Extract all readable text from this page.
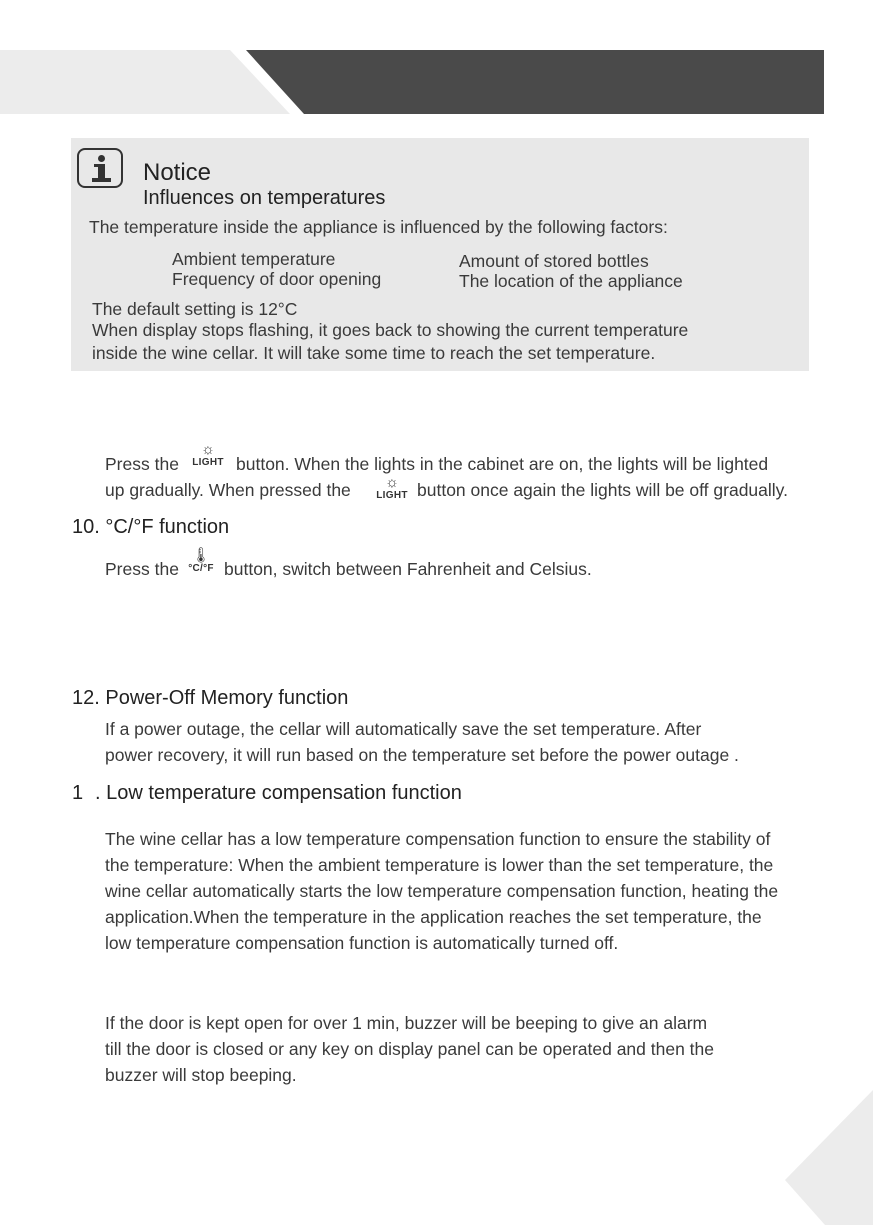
Notice
Influences on temperatures
The temperature inside the appliance is influenced by the following factors:
Ambient temperature
Frequency of door opening
Amount of stored bottles
The location of the appliance
The default setting is 12°C
When display stops flashing, it goes back to showing the current temperature
inside the wine cellar. It will take some time to reach the set temperature.
Press the
☼
LIGHT button. When the lights in the cabinet are on, the lights will be lighted
up gradually. When pressed the	☼
LIGHT button once again the lights will be off gradually.
10. °C/°F function
Press the
🌡
°C/°F button, switch between Fahrenheit and Celsius.
12. Power-Off Memory function
If a power outage, the cellar will automatically save the set temperature. After
power recovery, it will run based on the temperature set before the power outage .
1 . Low temperature compensation function
The wine cellar has a low temperature compensation function to ensure the stability of
the temperature: When the ambient temperature is lower than the set temperature, the
wine cellar automatically starts the low temperature compensation function, heating the
application.When the temperature in the application reaches the set temperature, the
low temperature compensation function is automatically turned off.
If the door is kept open for over 1 min, buzzer will be beeping to give an alarm
till the door is closed or any key on display panel can be operated and then the
buzzer will stop beeping.
